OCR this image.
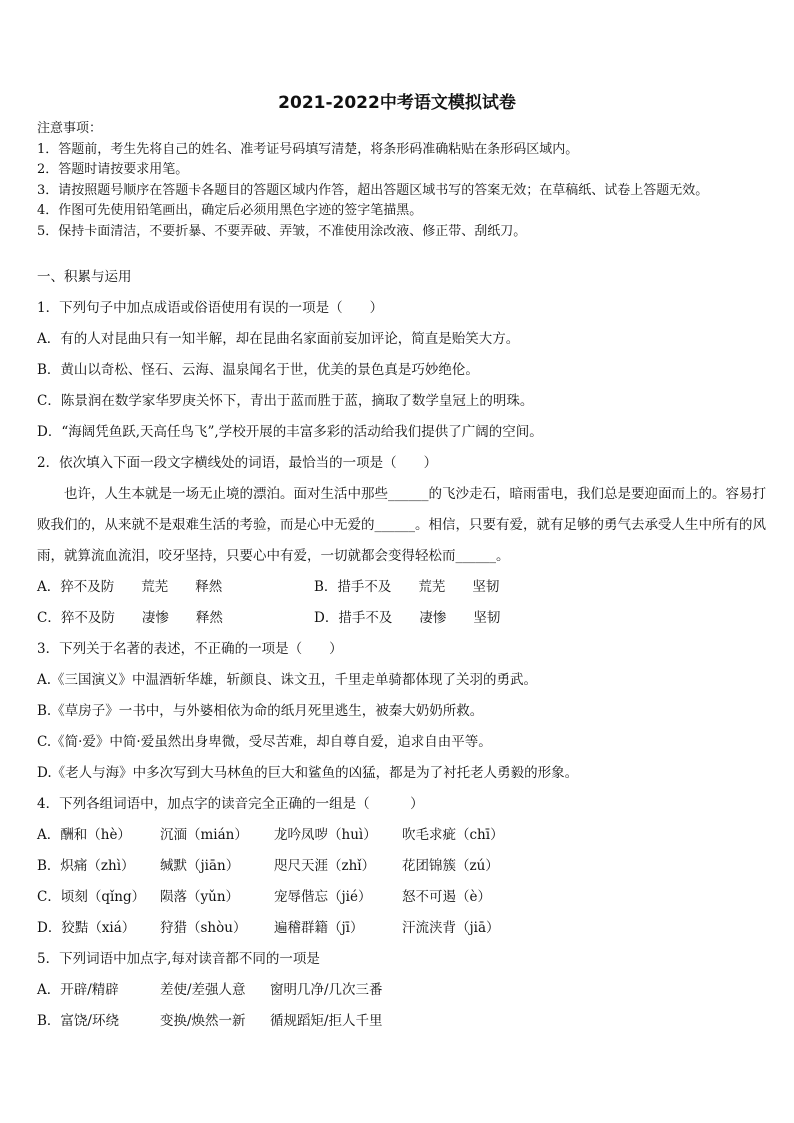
2021-2022中考语文模拟试卷
注意事项：
1．答题前，考生先将自己的姓名、准考证号码填写清楚，将条形码准确粘贴在条形码区域内。
2．答题时请按要求用笔。
3．请按照题号顺序在答题卡各题目的答题区域内作答，超出答题区域书写的答案无效；在草稿纸、试卷上答题无效。
4．作图可先使用铅笔画出，确定后必须用黑色字迹的签字笔描黑。
5．保持卡面清洁，不要折暴、不要弄破、弄皱，不准使用涂改液、修正带、刮纸刀。
一、积累与运用
1．下列句子中加点成语或俗语使用有误的一项是（　　）
A．有的人对昆曲只有一知半解，却在昆曲名家面前妄加评论，简直是贻笑大方。
B．黄山以奇松、怪石、云海、温泉闻名于世，优美的景色真是巧妙绝伦。
C．陈景润在数学家华罗庚关怀下，青出于蓝而胜于蓝，摘取了数学皇冠上的明珠。
D．“海阔凭鱼跃,天高任鸟飞”,学校开展的丰富多彩的活动给我们提供了广阔的空间。
2．依次填入下面一段文字横线处的词语，最恰当的一项是（　　）
也许，人生本就是一场无止境的漂泊。面对生活中那些______的飞沙走石，暗雨雷电，我们总是要迎面而上的。容易打败我们的，从来就不是艰难生活的考验，而是心中无爱的______。相信，只要有爱，就有足够的勇气去承受人生中所有的风雨，就算流血流泪，咬牙坚持，只要心中有爱，一切就都会变得轻松而______。
A．猝不及防　　荒芜　　释然	B．措手不及　　荒芜　　坚韧
C．猝不及防　　凄惨　　释然	D．措手不及　　凄惨　　坚韧
3．下列关于名著的表述，不正确的一项是（　　）
A.《三国演义》中温酒斩华雄，斩颜良、诛文丑，千里走单骑都体现了关羽的勇武。
B.《草房子》一书中，与外婆相依为命的纸月死里逃生，被秦大奶奶所救。
C.《简·爱》中简·爱虽然出身卑微，受尽苦难，却自尊自爱，追求自由平等。
D.《老人与海》中多次写到大马林鱼的巨大和鲨鱼的凶猛，都是为了衬托老人勇毅的形象。
4．下列各组词语中，加点字的读音完全正确的一组是（　　　）
A．酬和（hè）	沉湎（mián）	龙吟凤哕（huì）	吹毛求疵（chī）
B．炽痛（zhì）	缄默（jiān）	咫尺天涯（zhǐ）	花团锦簇（zú）
C．顷刻（qǐng）	陨落（yǔn）	宠辱偕忘（jié）	怒不可遏（è）
D．狡黠（xiá）	狩猎（shòu）	遍稽群籍（jī）	汗流浃背（jiā）
5．下列词语中加点字,每对读音都不同的一项是
A．开辟/精辟	差使/差强人意	窗明几净/几次三番
B．富饶/环绕	变换/焕然一新	循规蹈矩/拒人千里
